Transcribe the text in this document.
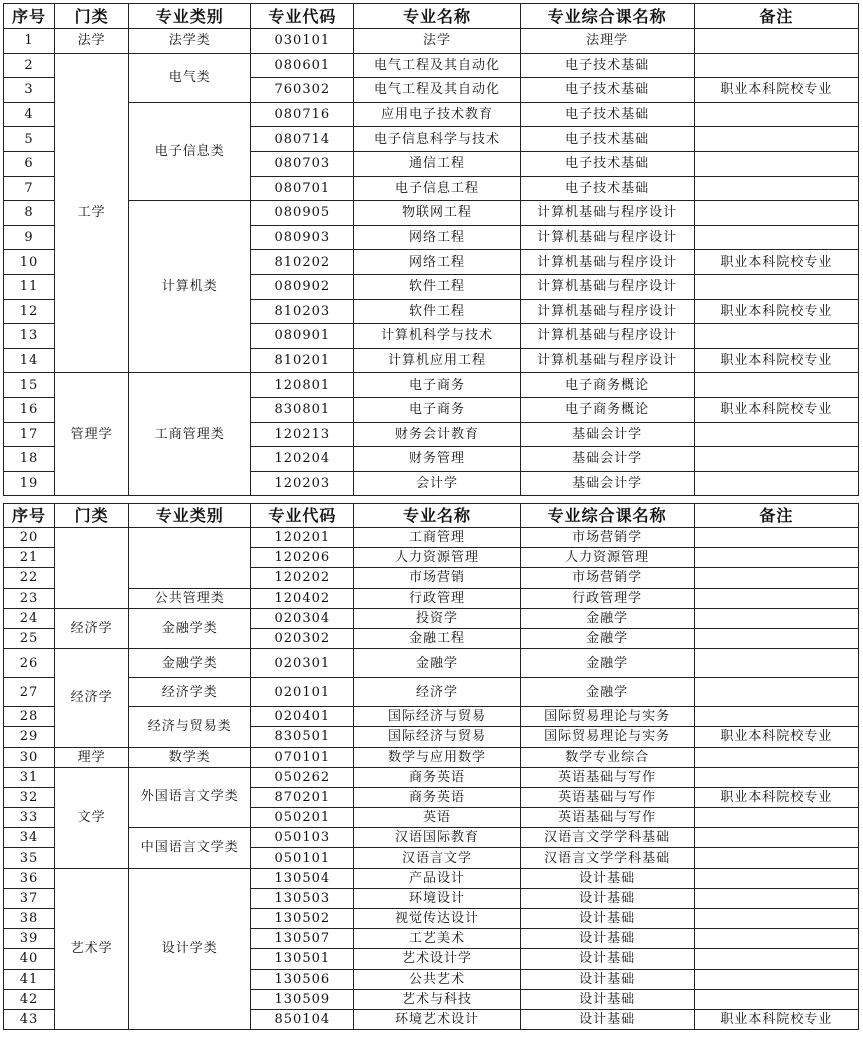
序号	门类	专业类别	专业代码	专业名称	专业综合课名称	备注
1	法学	法学类	030101	法学	法理学	
2	工学	电气类	080601	电气工程及其自动化	电子技术基础	
3			760302	电气工程及其自动化	电子技术基础	职业本科院校专业
4		电子信息类	080716	应用电子技术教育	电子技术基础	
5			080714	电子信息科学与技术	电子技术基础	
6			080703	通信工程	电子技术基础	
7			080701	电子信息工程	电子技术基础	
8		计算机类	080905	物联网工程	计算机基础与程序设计	
9			080903	网络工程	计算机基础与程序设计	
10			810202	网络工程	计算机基础与程序设计	职业本科院校专业
11			080902	软件工程	计算机基础与程序设计	
12			810203	软件工程	计算机基础与程序设计	职业本科院校专业
13			080901	计算机科学与技术	计算机基础与程序设计	
14			810201	计算机应用工程	计算机基础与程序设计	职业本科院校专业
15	管理学	工商管理类	120801	电子商务	电子商务概论	
16			830801	电子商务	电子商务概论	职业本科院校专业
17			120213	财务会计教育	基础会计学	
18			120204	财务管理	基础会计学	
19			120203	会计学	基础会计学	
序号	门类	专业类别	专业代码	专业名称	专业综合课名称	备注
20			120201	工商管理	市场营销学	
21			120206	人力资源管理	人力资源管理	
22			120202	市场营销	市场营销学	
23		公共管理类	120402	行政管理	行政管理学	
24	经济学	金融学类	020304	投资学	金融学	
25			020302	金融工程	金融学	
26	经济学	金融学类	020301	金融学	金融学	
27		经济学类	020101	经济学	金融学	
28		经济与贸易类	020401	国际经济与贸易	国际贸易理论与实务	
29			830501	国际经济与贸易	国际贸易理论与实务	职业本科院校专业
30	理学	数学类	070101	数学与应用数学	数学专业综合	
31	文学	外国语言文学类	050262	商务英语	英语基础与写作	
32			870201	商务英语	英语基础与写作	职业本科院校专业
33			050201	英语	英语基础与写作	
34		中国语言文学类	050103	汉语国际教育	汉语言文学学科基础	
35			050101	汉语言文学	汉语言文学学科基础	
36	艺术学	设计学类	130504	产品设计	设计基础	
37			130503	环境设计	设计基础	
38			130502	视觉传达设计	设计基础	
39			130507	工艺美术	设计基础	
40			130501	艺术设计学	设计基础	
41			130506	公共艺术	设计基础	
42			130509	艺术与科技	设计基础	
43			850104	环境艺术设计	设计基础	职业本科院校专业
